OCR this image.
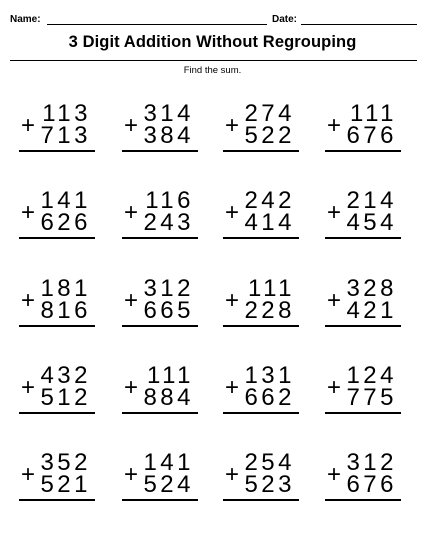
Name:	Date:
3 Digit Addition Without Regrouping
Find the sum.
113
+ 713
314
+ 384
274
+ 522
111
+ 676
141
+ 626
116
+ 243
242
+ 414
214
+ 454
181
+ 816
312
+ 665
111
+ 228
328
+ 421
432
+ 512
111
+ 884
131
+ 662
124
+ 775
352
+ 521
141
+ 524
254
+ 523
312
+ 676
